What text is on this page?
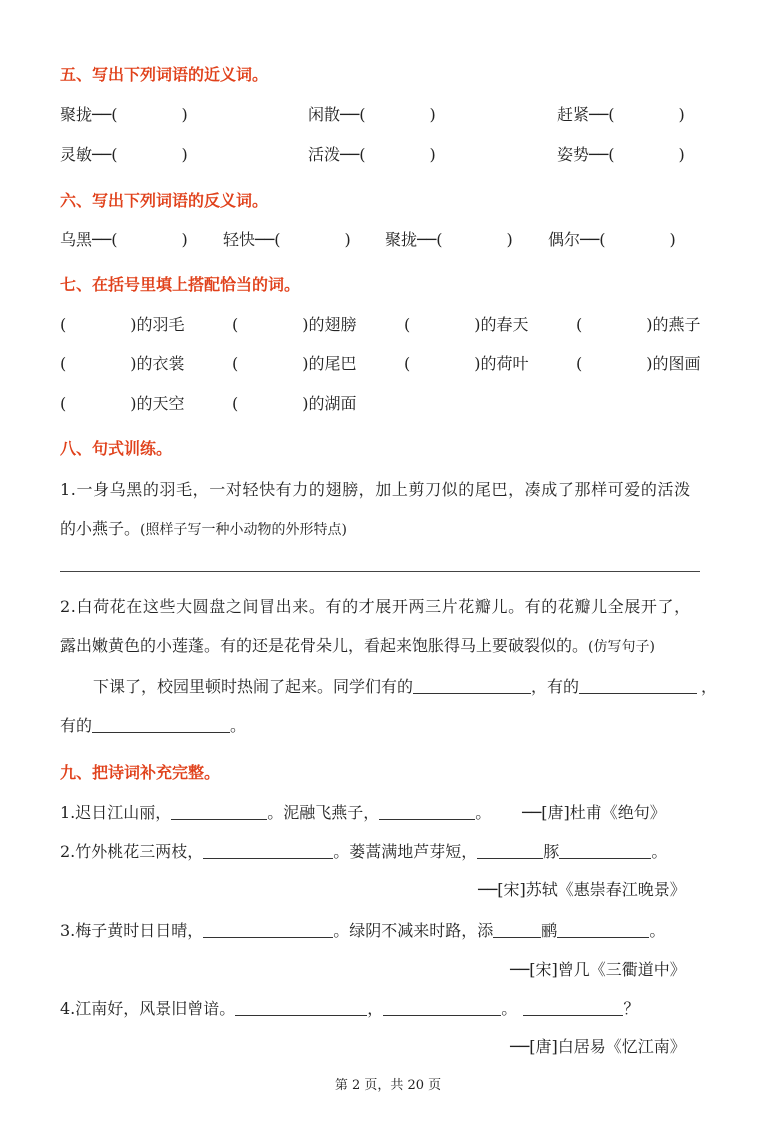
五、写出下列词语的近义词。
聚拢──(　　　　)	闲散──(　　　　)	赶紧──(　　　　)
灵敏──(　　　　)	活泼──(　　　　)	姿势──(　　　　)
六、写出下列词语的反义词。
乌黑──(　　　　) 轻快──(　　　　) 聚拢──(　　　　) 偶尔──(　　　　)
七、在括号里填上搭配恰当的词。
(　　　　)的羽毛	(　　　　)的翅膀	(　　　　)的春天	(　　　　)的燕子
(　　　　)的衣裳	(　　　　)的尾巴	(　　　　)的荷叶	(　　　　)的图画
(　　　　)的天空	(　　　　)的湖面
八、句式训练。
1.一身乌黑的羽毛，一对轻快有力的翅膀，加上剪刀似的尾巴，凑成了那样可爱的活泼
的小燕子。(照样子写一种小动物的外形特点)
2.白荷花在这些大圆盘之间冒出来。有的才展开两三片花瓣儿。有的花瓣儿全展开了，
露出嫩黄色的小莲蓬。有的还是花骨朵儿，看起来饱胀得马上要破裂似的。(仿写句子)
下课了，校园里顿时热闹了起来。同学们有的	，有的	，
有的	。
九、把诗词补充完整。
1.迟日江山丽，	。泥融飞燕子，	。 ──[唐]杜甫《绝句》
2.竹外桃花三两枝，	。蒌蒿满地芦芽短，	豚	。
──[宋]苏轼《惠崇春江晚景》
3.梅子黄时日日晴，	。绿阴不减来时路，添	鹂	。
──[宋]曾几《三衢道中》
4.江南好，风景旧曾谙。	，	。	？
──[唐]白居易《忆江南》
第 2 页，共 20 页
